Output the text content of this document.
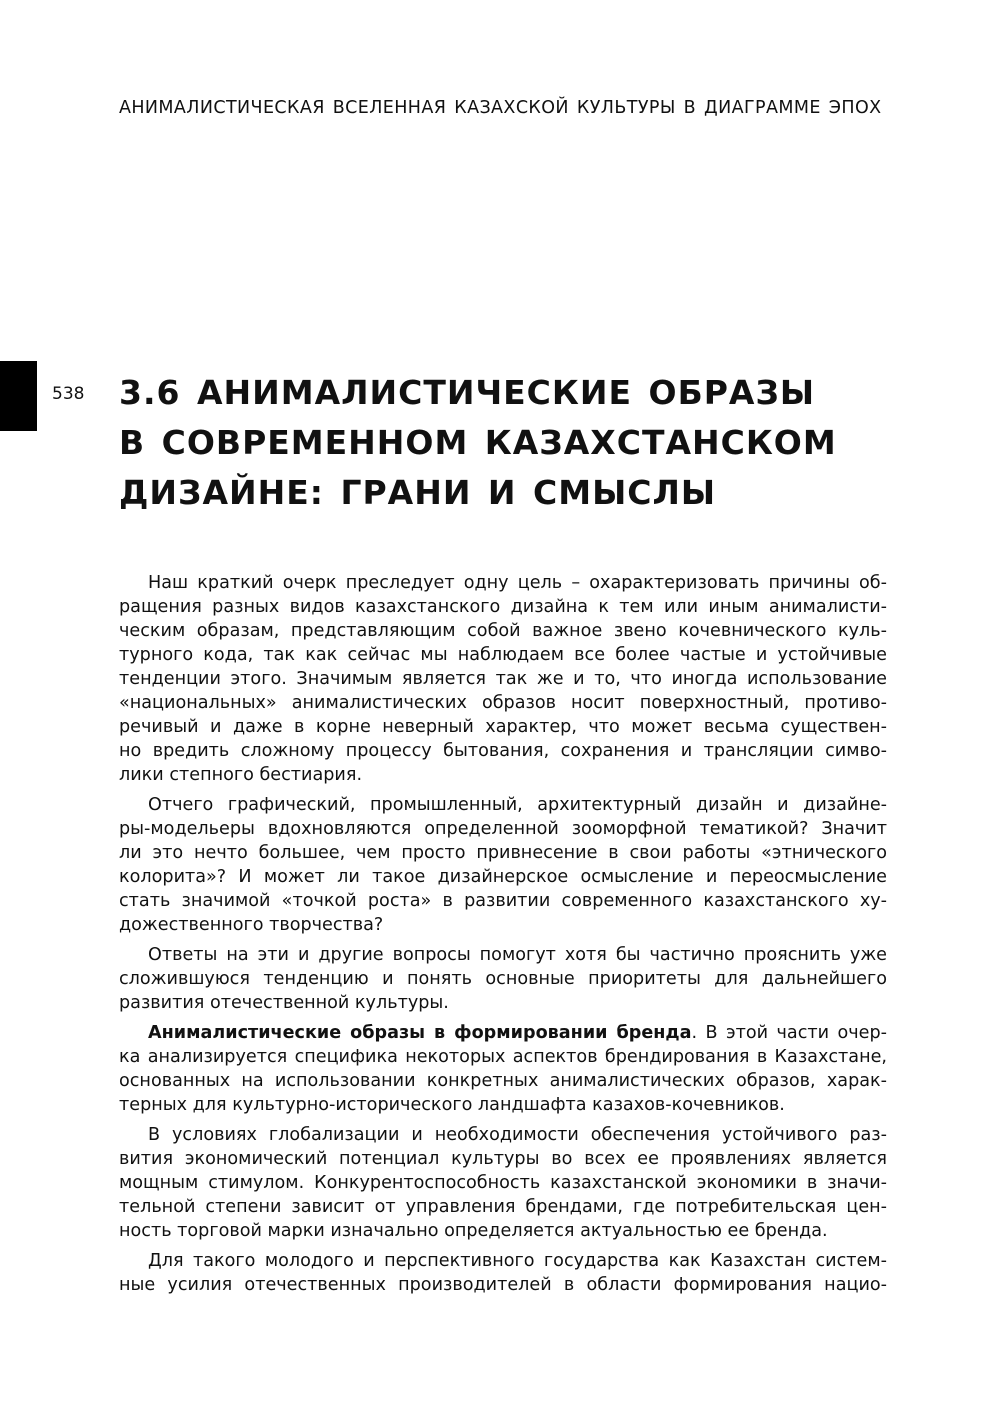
АНИМАЛИСТИЧЕСКАЯ ВСЕЛЕННАЯ КАЗАХСКОЙ КУЛЬТУРЫ В ДИАГРАММЕ ЭПОХ
538 3.6 АНИМАЛИСТИЧЕСКИЕ ОБРАЗЫ
В СОВРЕМЕННОМ КАЗАХСТАНСКОМ
ДИЗАЙНЕ: ГРАНИ И СМЫСЛЫ
Наш краткий очерк преследует одну цель – охарактеризовать причины об-
ращения разных видов казахстанского дизайна к тем или иным анималисти-
ческим образам, представляющим собой важное звено кочевнического куль-
турного кода, так как сейчас мы наблюдаем все более частые и устойчивые
тенденции этого. Значимым является так же и то, что иногда использование
«национальных» анималистических образов носит поверхностный, противо-
речивый и даже в корне неверный характер, что может весьма существен-
но вредить сложному процессу бытования, сохранения и трансляции симво-
лики степного бестиария.
Отчего графический, промышленный, архитектурный дизайн и дизайне-
ры-модельеры вдохновляются определенной зооморфной тематикой? Значит
ли это нечто большее, чем просто привнесение в свои работы «этнического
колорита»? И может ли такое дизайнерское осмысление и переосмысление
стать значимой «точкой роста» в развитии современного казахстанского ху-
дожественного творчества?
Ответы на эти и другие вопросы помогут хотя бы частично прояснить уже
сложившуюся тенденцию и понять основные приоритеты для дальнейшего
развития отечественной культуры.
Анималистические образы в формировании бренда. В этой части очер-
ка анализируется специфика некоторых аспектов брендирования в Казахстане,
основанных на использовании конкретных анималистических образов, харак-
терных для культурно-исторического ландшафта казахов-кочевников.
В условиях глобализации и необходимости обеспечения устойчивого раз-
вития экономический потенциал культуры во всех ее проявлениях является
мощным стимулом. Конкурентоспособность казахстанской экономики в значи-
тельной степени зависит от управления брендами, где потребительская цен-
ность торговой марки изначально определяется актуальностью ее бренда.
Для такого молодого и перспективного государства как Казахстан систем-
ные усилия отечественных производителей в области формирования нацио-
